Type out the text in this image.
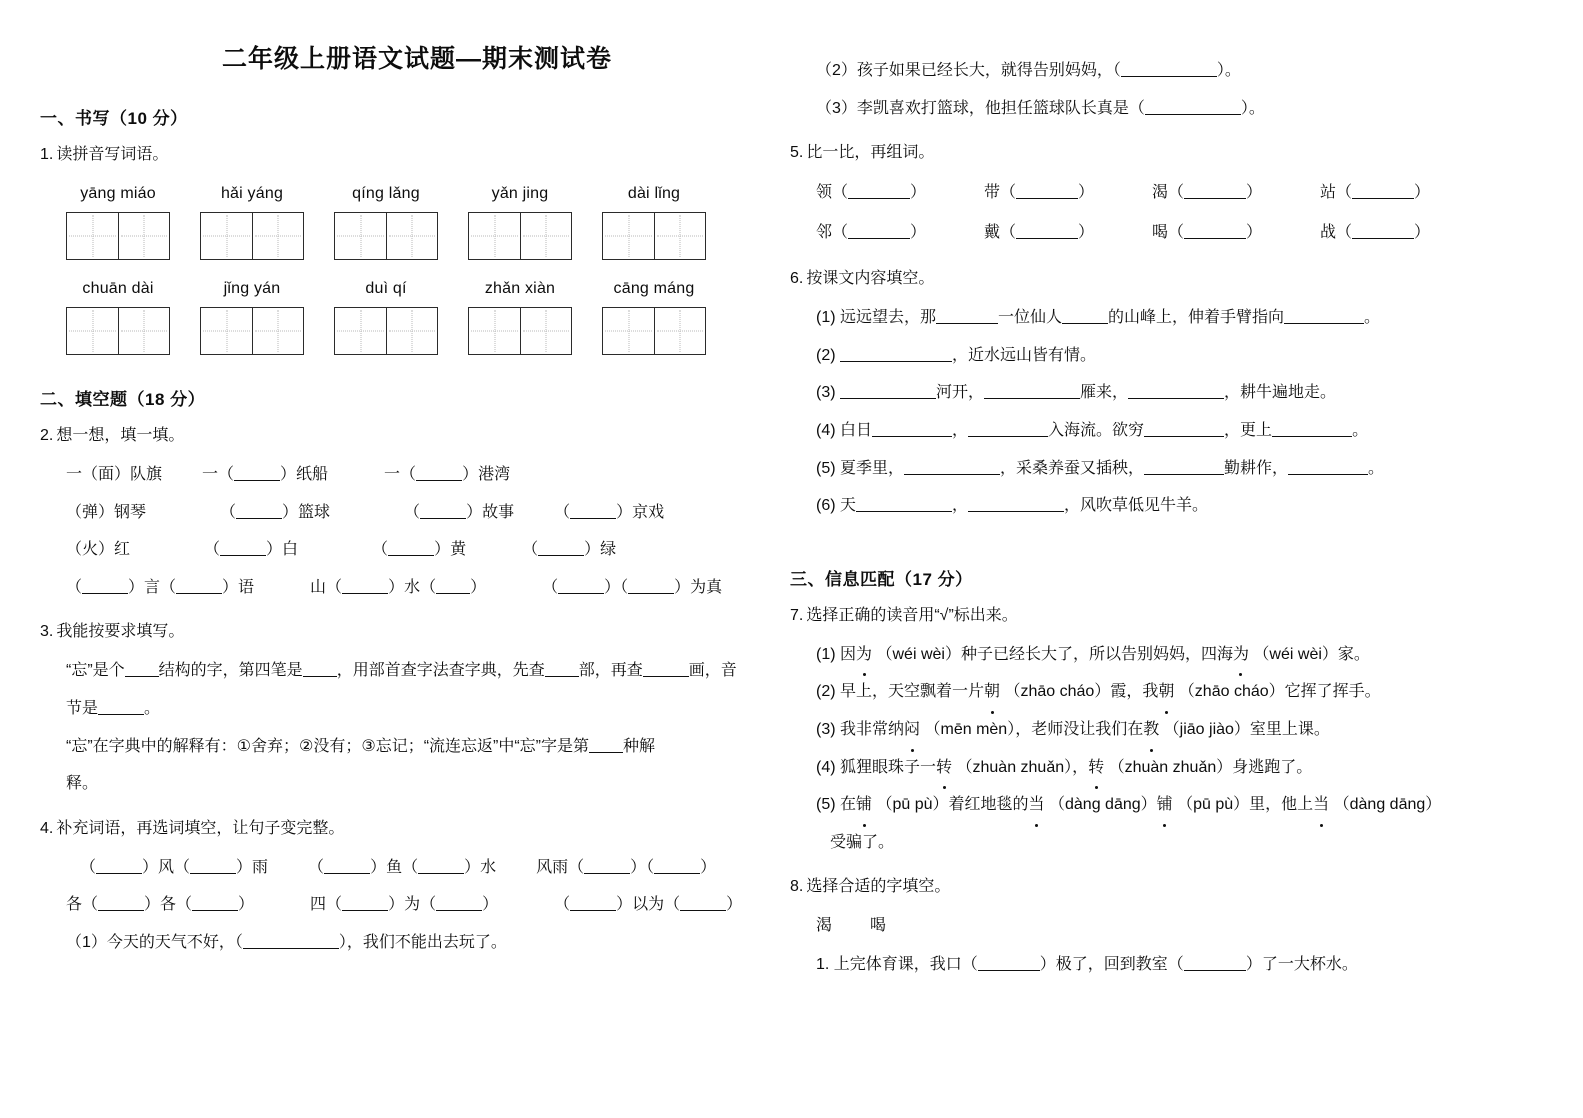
二年级上册语文试题—期末测试卷
一、书写（10 分）
1. 读拼音写词语。
yāng miáo	hǎi yáng	qíng lǎng	yǎn jing	dài lǐng
chuān dài	jǐng yán	duì qí	zhǎn xiàn	cāng máng
二、填空题（18 分）
2. 想一想，填一填。
一（面）队旗	一（	）纸船	一（	）港湾
（弹）钢琴	（	）篮球	（	）故事	（	）京戏
（火）红	（	）白	（	）黄	（	）绿
（	）言（	）语	山（	）水（ ）	（	）（	）为真
3. 我能按要求填写。
“忘”是个 结构的字，第四笔是 ，用部首查字法查字典，先查 部，再查	画，音
节是	。
“忘”在字典中的解释有：①舍弃；②没有；③忘记；“流连忘返”中“忘”字是第 种解
释。
4. 补充词语，再选词填空，让句子变完整。
（	）风（	）雨	（	）鱼（	）水	风雨（	）（	）
各（	）各（	）	四（	）为（	）	（	）以为（	）
（1）今天的天气不好，（	），我们不能出去玩了。
（2）孩子如果已经长大，就得告别妈妈，（	）。
（3）李凯喜欢打篮球，他担任篮球队长真是（	）。
5. 比一比，再组词。
领（	）	带（	）	渴（	）	站（	）
邻（	）	戴（	）	喝（	）	战（	）
6. 按课文内容填空。
(1) 远远望去，那	一位仙人	的山峰上，伸着手臂指向	。
(2)	，近水远山皆有情。
(3)	河开，	雁来，	，耕牛遍地走。
(4) 白日	，	入海流。欲穷	，更上	。
(5) 夏季里，	，采桑养蚕又插秧，	勤耕作，	。
(6) 天	，	，风吹草低见牛羊。
三、信息匹配（17 分）
7. 选择正确的读音用“√”标出来。
(1) 因为 （wéi wèi）种子已经长大了，所以告别妈妈，四海为 （wéi wèi）家。
(2) 早上，天空飘着一片朝 （zhāo cháo）霞，我朝 （zhāo cháo）它挥了挥手。
(3) 我非常纳闷 （mēn mèn），老师没让我们在教 （jiāo jiào）室里上课。
(4) 狐狸眼珠子一转 （zhuàn zhuǎn），转 （zhuàn zhuǎn）身逃跑了。
(5) 在铺 （pū pù）着红地毯的当 （dàng dāng）铺 （pū pù）里，他上当 （dàng dāng）
受骗了。
8. 选择合适的字填空。
渴 喝
1. 上完体育课，我口（	）极了，回到教室（	）了一大杯水。
